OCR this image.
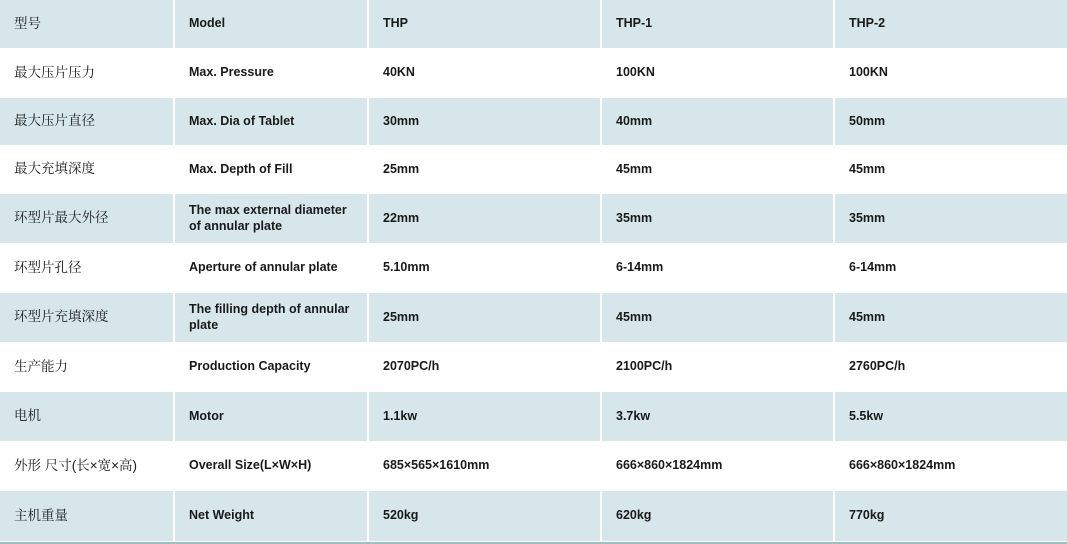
型号	Model	THP	THP-1	THP-2
最大压片压力	Max. Pressure	40KN	100KN	100KN
最大压片直径	Max. Dia of Tablet	30mm	40mm	50mm
最大充填深度	Max. Depth of Fill	25mm	45mm	45mm
环型片最大外径	The max external diameter of annular plate	22mm	35mm	35mm
环型片孔径	Aperture of annular plate	5.10mm	6-14mm	6-14mm
环型片充填深度	The filling depth of annular plate	25mm	45mm	45mm
生产能力	Production Capacity	2070PC/h	2100PC/h	2760PC/h
电机	Motor	1.1kw	3.7kw	5.5kw
外形 尺寸(长×宽×高)	Overall Size(L×W×H)	685×565×1610mm	666×860×1824mm	666×860×1824mm
主机重量	Net Weight	520kg	620kg	770kg
